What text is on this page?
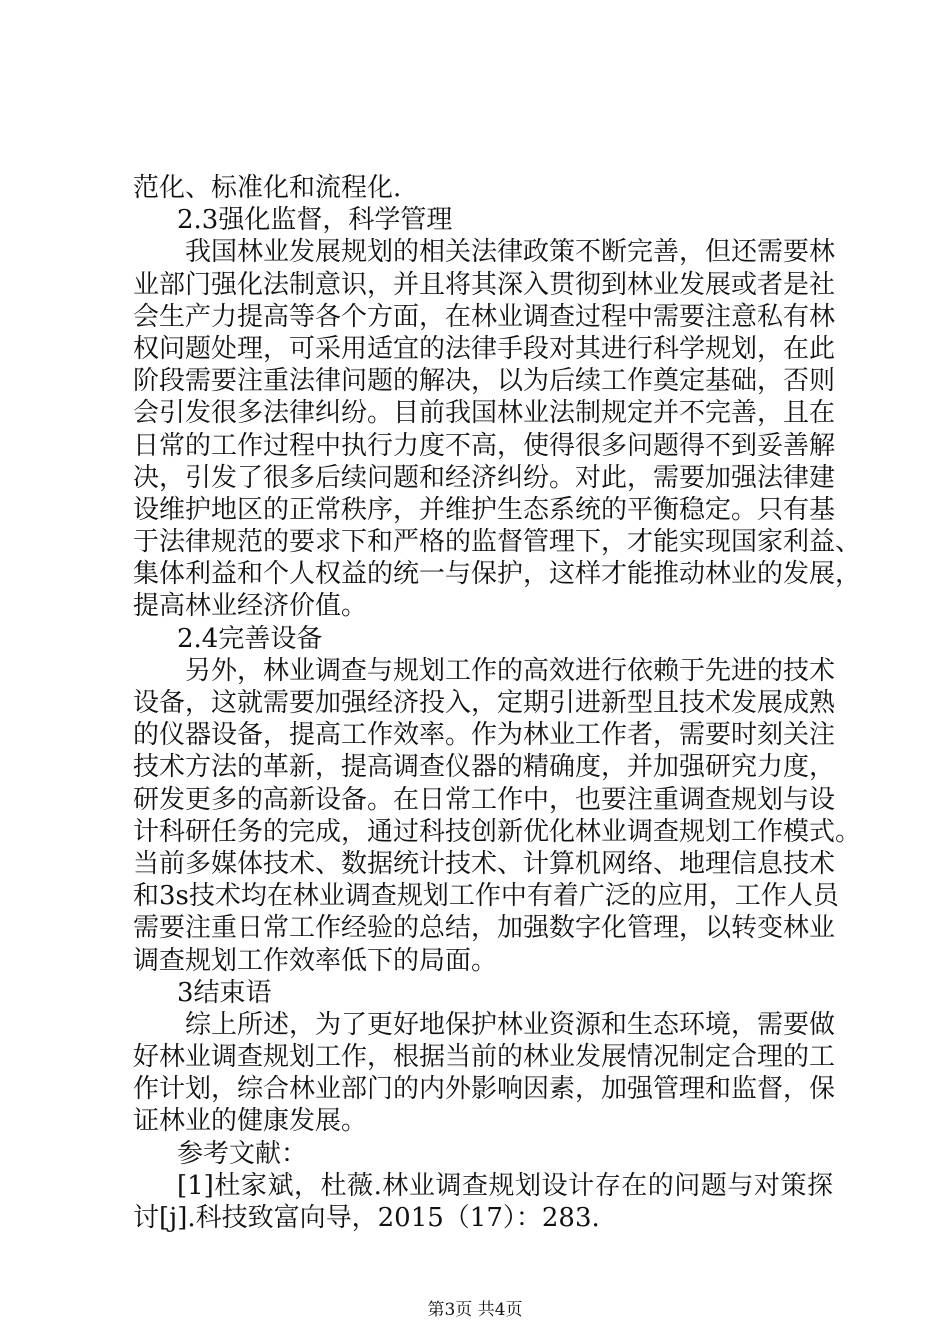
范化、标准化和流程化.
2.3强化监督，科学管理
我国林业发展规划的相关法律政策不断完善，但还需要林
业部门强化法制意识，并且将其深入贯彻到林业发展或者是社
会生产力提高等各个方面，在林业调查过程中需要注意私有林
权问题处理，可采用适宜的法律手段对其进行科学规划，在此
阶段需要注重法律问题的解决，以为后续工作奠定基础，否则
会引发很多法律纠纷。目前我国林业法制规定并不完善，且在
日常的工作过程中执行力度不高，使得很多问题得不到妥善解
决，引发了很多后续问题和经济纠纷。对此，需要加强法律建
设维护地区的正常秩序，并维护生态系统的平衡稳定。只有基
于法律规范的要求下和严格的监督管理下，才能实现国家利益、
集体利益和个人权益的统一与保护，这样才能推动林业的发展，
提高林业经济价值。
2.4完善设备
另外，林业调查与规划工作的高效进行依赖于先进的技术
设备，这就需要加强经济投入，定期引进新型且技术发展成熟
的仪器设备，提高工作效率。作为林业工作者，需要时刻关注
技术方法的革新，提高调查仪器的精确度，并加强研究力度，
研发更多的高新设备。在日常工作中，也要注重调查规划与设
计科研任务的完成，通过科技创新优化林业调查规划工作模式。
当前多媒体技术、数据统计技术、计算机网络、地理信息技术
和3s技术均在林业调查规划工作中有着广泛的应用，工作人员
需要注重日常工作经验的总结，加强数字化管理，以转变林业
调查规划工作效率低下的局面。
3结束语
综上所述，为了更好地保护林业资源和生态环境，需要做
好林业调查规划工作，根据当前的林业发展情况制定合理的工
作计划，综合林业部门的内外影响因素，加强管理和监督，保
证林业的健康发展。
参考文献：
[1]杜家斌，杜薇.林业调查规划设计存在的问题与对策探
讨[j].科技致富向导，2015（17）：283.
第3页 共4页
